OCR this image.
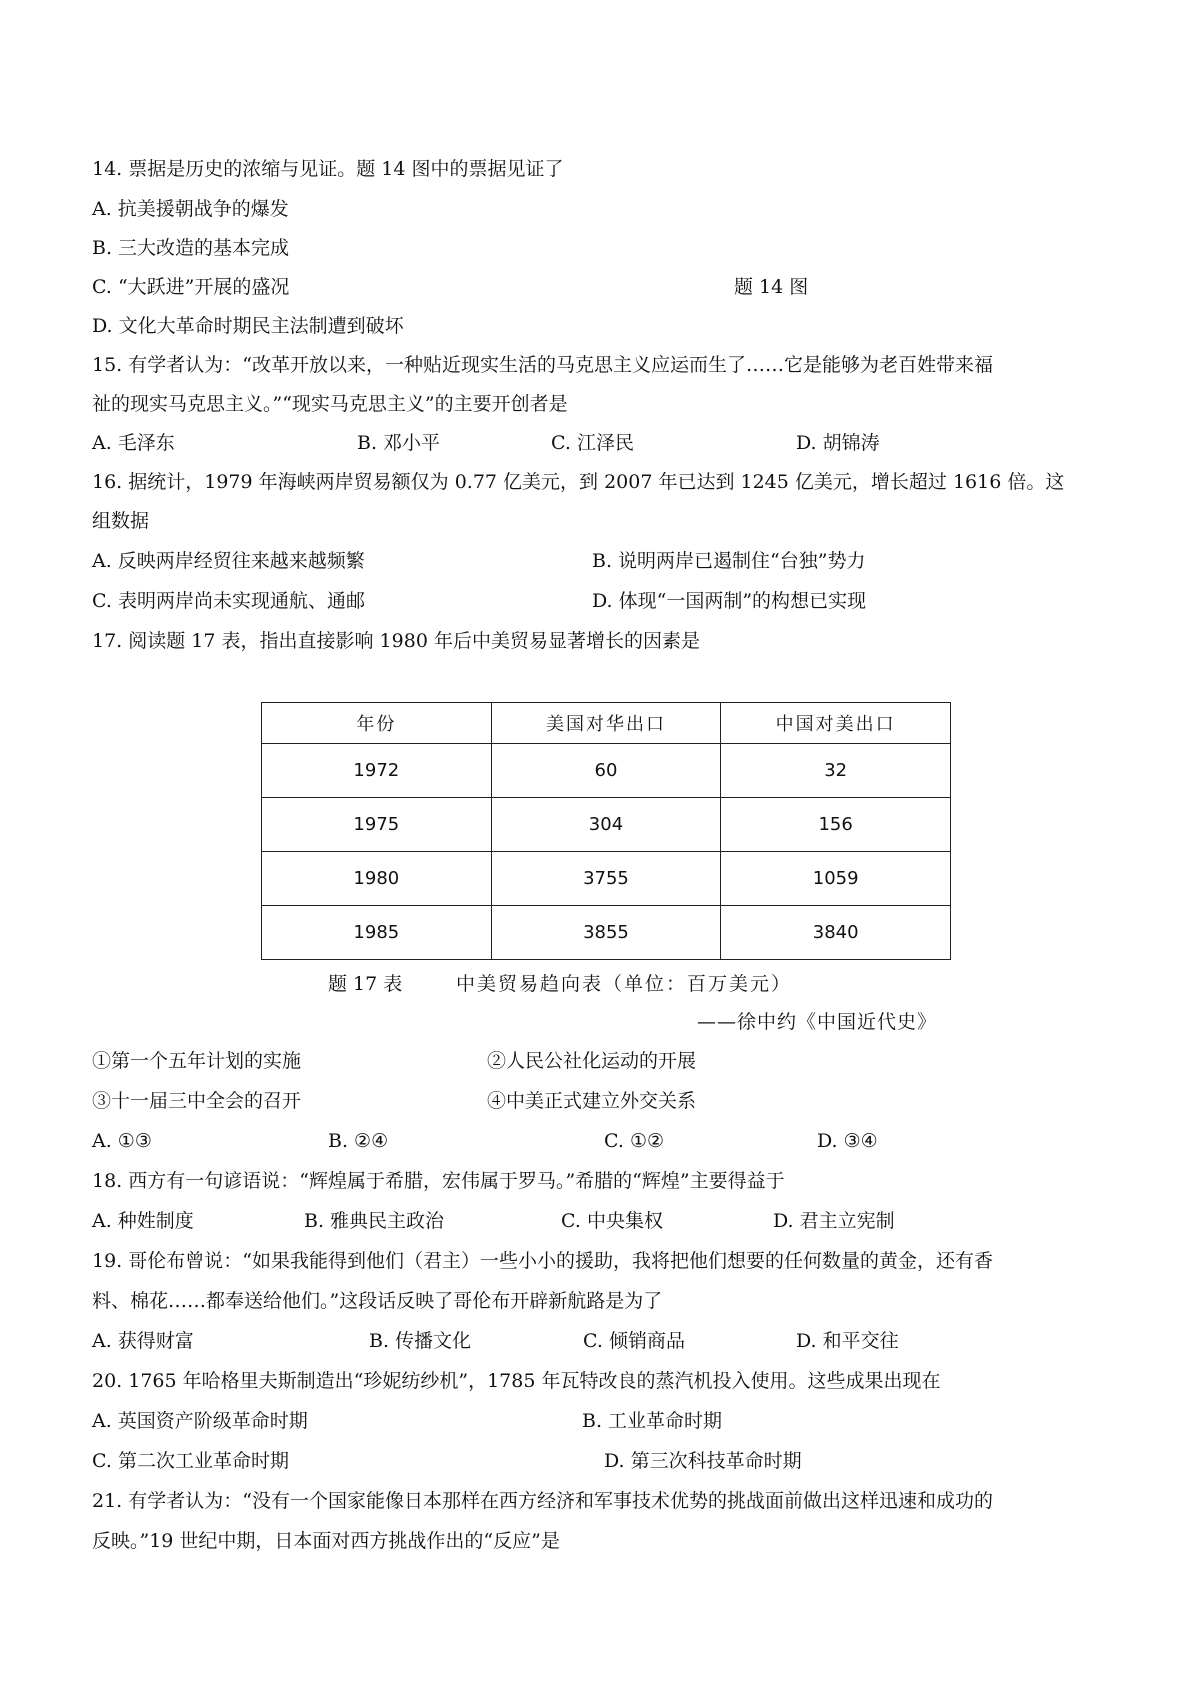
14. 票据是历史的浓缩与见证。题 14 图中的票据见证了
A. 抗美援朝战争的爆发
B. 三大改造的基本完成
C. “大跃进”开展的盛况	题 14 图
D. 文化大革命时期民主法制遭到破坏
15. 有学者认为：“改革开放以来，一种贴近现实生活的马克思主义应运而生了……它是能够为老百姓带来福
祉的现实马克思主义。”“现实马克思主义”的主要开创者是
A. 毛泽东	B. 邓小平	C. 江泽民	D. 胡锦涛
16. 据统计，1979 年海峡两岸贸易额仅为 0.77 亿美元，到 2007 年已达到 1245 亿美元，增长超过 1616 倍。这
组数据
A. 反映两岸经贸往来越来越频繁	B. 说明两岸已遏制住“台独”势力
C. 表明两岸尚未实现通航、通邮	D. 体现“一国两制”的构想已实现
17. 阅读题 17 表，指出直接影响 1980 年后中美贸易显著增长的因素是
年份	美国对华出口	中国对美出口
1972	60	32
1975	304	156
1980	3755	1059
1985	3855	3840
题 17 表	中美贸易趋向表（单位：百万美元）
——徐中约《中国近代史》
①第一个五年计划的实施	②人民公社化运动的开展
③十一届三中全会的召开	④中美正式建立外交关系
A. ①③	B. ②④	C. ①②	D. ③④
18. 西方有一句谚语说：“辉煌属于希腊，宏伟属于罗马。”希腊的“辉煌”主要得益于
A. 种姓制度	B. 雅典民主政治	C. 中央集权	D. 君主立宪制
19. 哥伦布曾说：“如果我能得到他们（君主）一些小小的援助，我将把他们想要的任何数量的黄金，还有香
料、棉花……都奉送给他们。”这段话反映了哥伦布开辟新航路是为了
A. 获得财富	B. 传播文化	C. 倾销商品	D. 和平交往
20. 1765 年哈格里夫斯制造出“珍妮纺纱机”，1785 年瓦特改良的蒸汽机投入使用。这些成果出现在
A. 英国资产阶级革命时期	B. 工业革命时期
C. 第二次工业革命时期	D. 第三次科技革命时期
21. 有学者认为：“没有一个国家能像日本那样在西方经济和军事技术优势的挑战面前做出这样迅速和成功的
反映。”19 世纪中期，日本面对西方挑战作出的“反应”是
